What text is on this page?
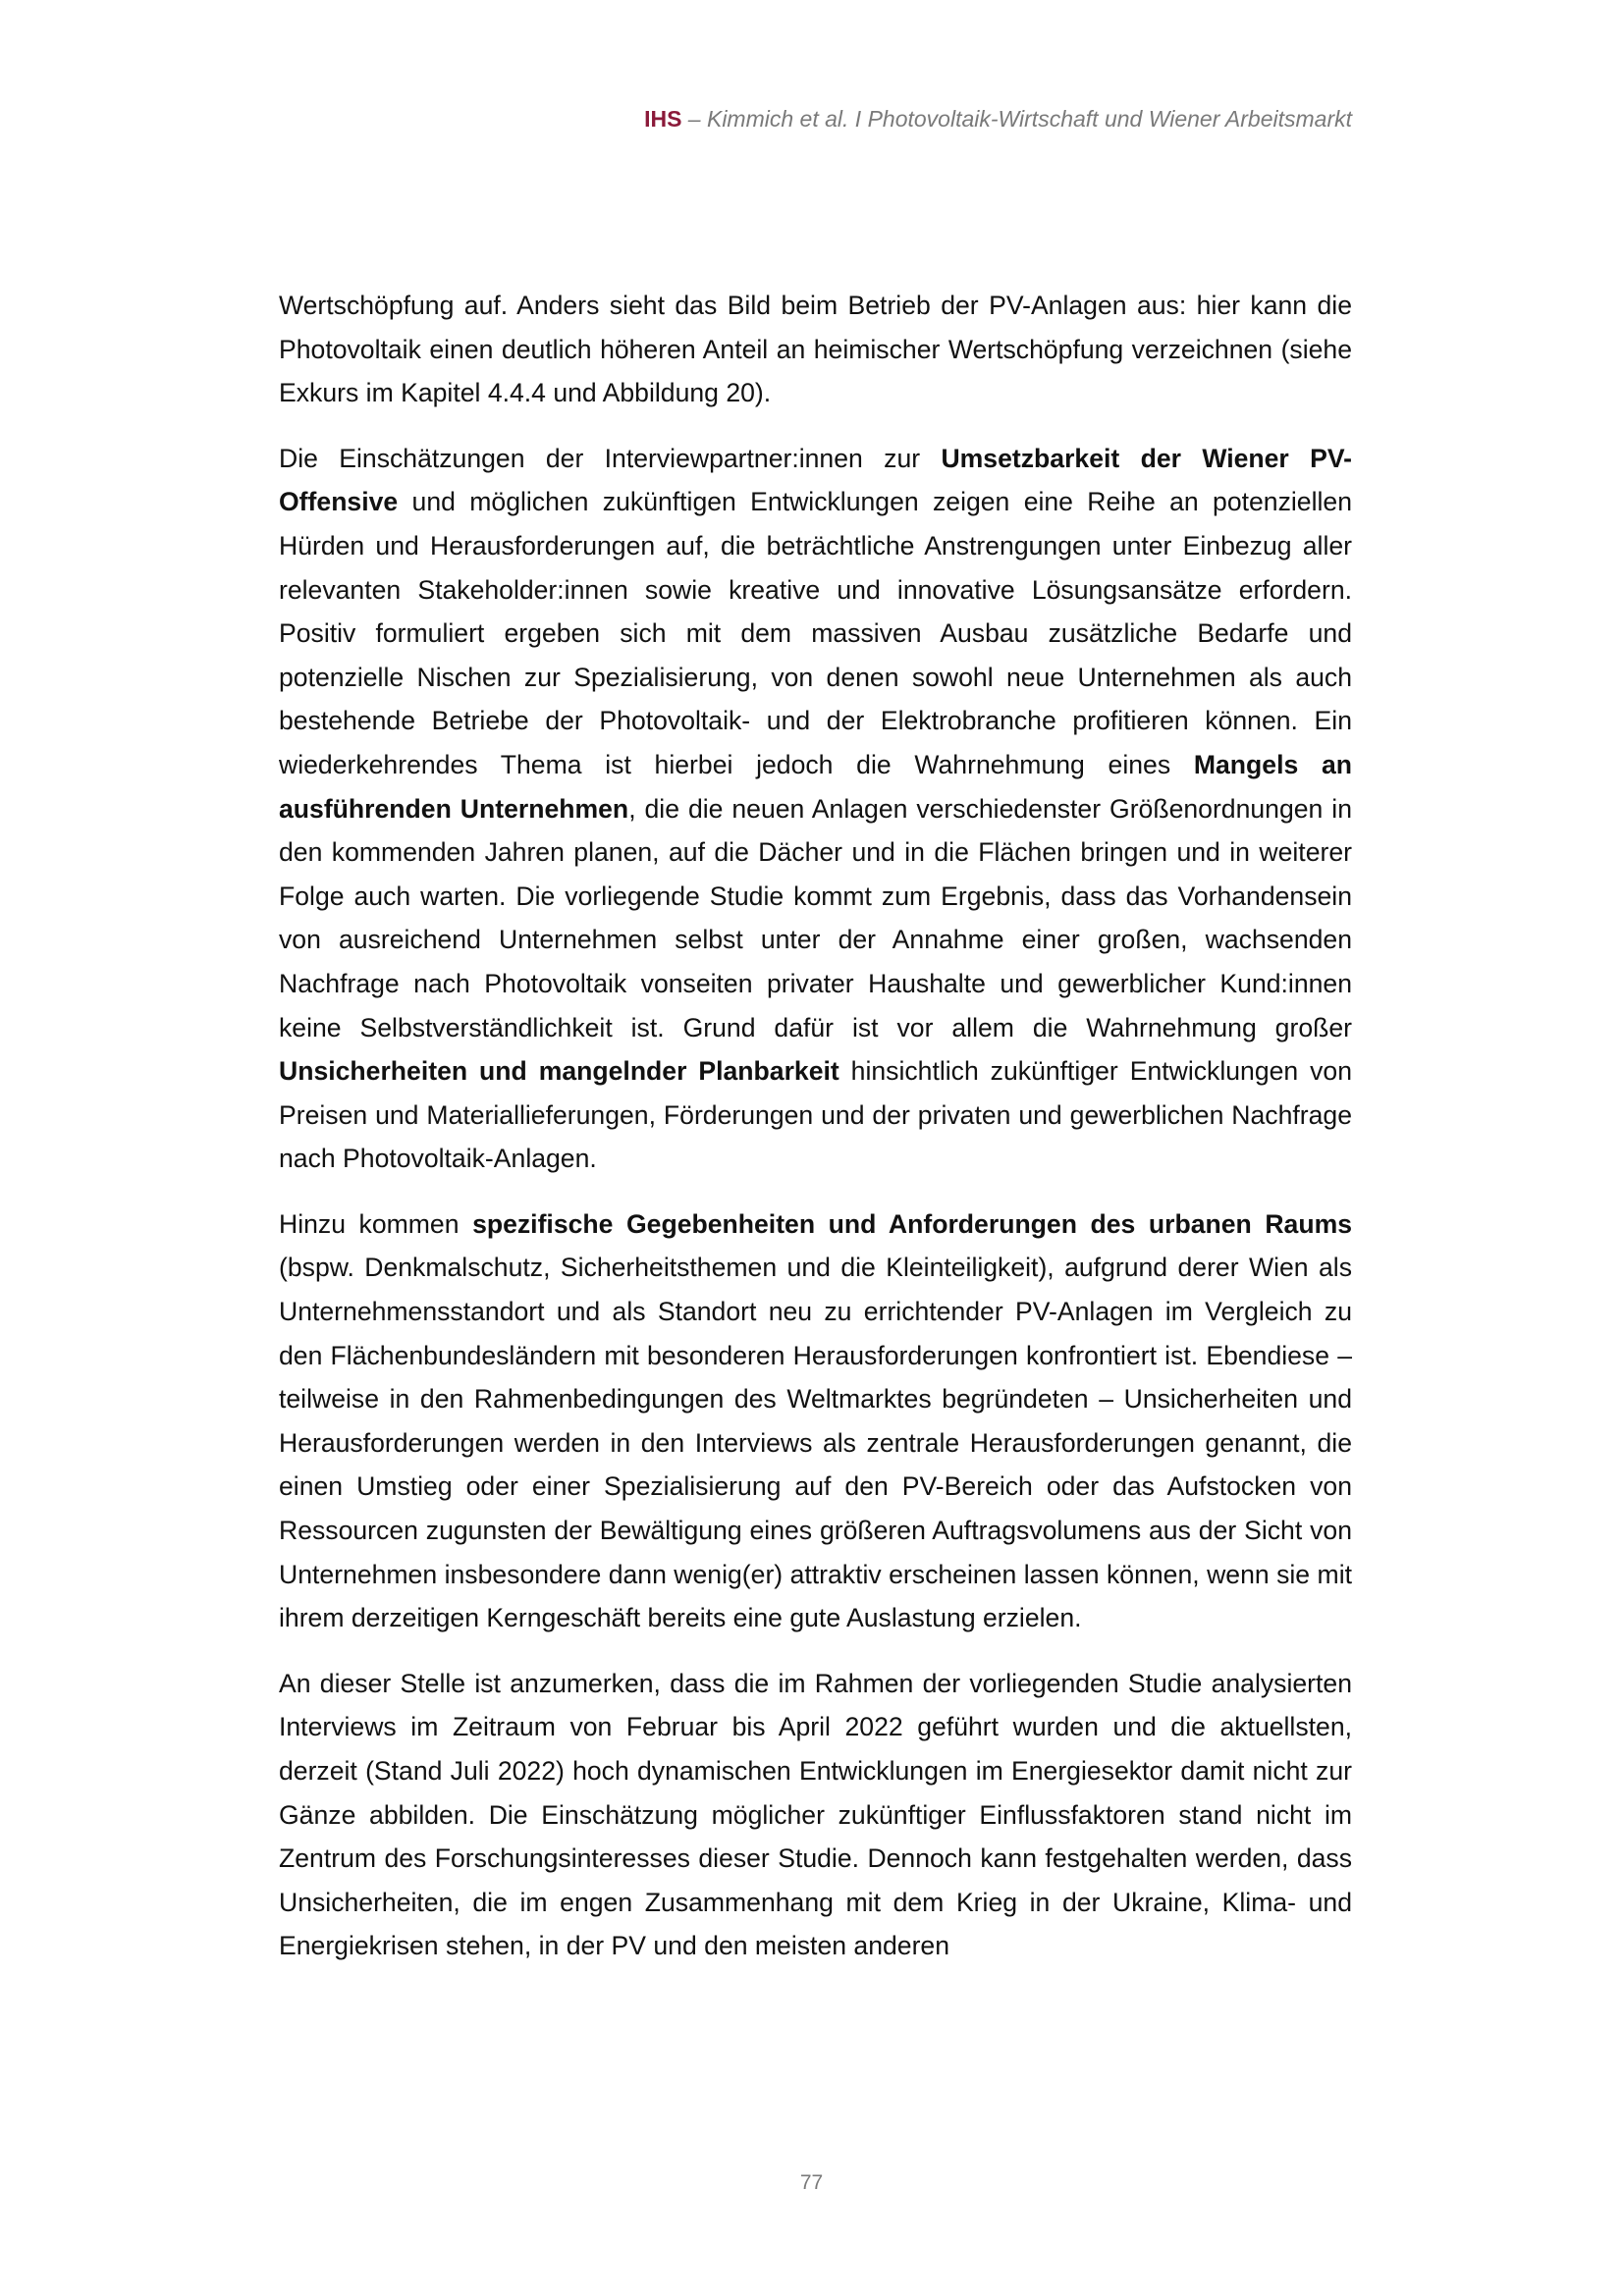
IHS – Kimmich et al. I Photovoltaik-Wirtschaft und Wiener Arbeitsmarkt

Wertschöpfung auf. Anders sieht das Bild beim Betrieb der PV-Anlagen aus: hier kann die Photovoltaik einen deutlich höheren Anteil an heimischer Wertschöpfung verzeichnen (siehe Exkurs im Kapitel 4.4.4 und Abbildung 20).

Die Einschätzungen der Interviewpartner:innen zur Umsetzbarkeit der Wiener PV-Offensive und möglichen zukünftigen Entwicklungen zeigen eine Reihe an potenziellen Hürden und Herausforderungen auf, die beträchtliche Anstrengungen unter Einbezug aller relevanten Stakeholder:innen sowie kreative und innovative Lösungsansätze erfordern. Positiv formuliert ergeben sich mit dem massiven Ausbau zusätzliche Bedarfe und potenzielle Nischen zur Spezialisierung, von denen sowohl neue Unternehmen als auch bestehende Betriebe der Photovoltaik- und der Elektrobranche profitieren können. Ein wiederkehrendes Thema ist hierbei jedoch die Wahrnehmung eines Mangels an ausführenden Unternehmen, die die neuen Anlagen verschiedenster Größenordnungen in den kommenden Jahren planen, auf die Dächer und in die Flächen bringen und in weiterer Folge auch warten. Die vorliegende Studie kommt zum Ergebnis, dass das Vorhandensein von ausreichend Unternehmen selbst unter der Annahme einer großen, wachsenden Nachfrage nach Photovoltaik vonseiten privater Haushalte und gewerblicher Kund:innen keine Selbstverständlichkeit ist. Grund dafür ist vor allem die Wahrnehmung großer Unsicherheiten und mangelnder Planbarkeit hinsichtlich zukünftiger Entwicklungen von Preisen und Materiallieferungen, Förderungen und der privaten und gewerblichen Nachfrage nach Photovoltaik-Anlagen.

Hinzu kommen spezifische Gegebenheiten und Anforderungen des urbanen Raums (bspw. Denkmalschutz, Sicherheitsthemen und die Kleinteiligkeit), aufgrund derer Wien als Unternehmensstandort und als Standort neu zu errichtender PV-Anlagen im Vergleich zu den Flächenbundesländern mit besonderen Herausforderungen konfrontiert ist. Ebendiese – teilweise in den Rahmenbedingungen des Weltmarktes begründeten – Unsicherheiten und Herausforderungen werden in den Interviews als zentrale Herausforderungen genannt, die einen Umstieg oder einer Spezialisierung auf den PV-Bereich oder das Aufstocken von Ressourcen zugunsten der Bewältigung eines größeren Auftragsvolumens aus der Sicht von Unternehmen insbesondere dann wenig(er) attraktiv erscheinen lassen können, wenn sie mit ihrem derzeitigen Kerngeschäft bereits eine gute Auslastung erzielen.

An dieser Stelle ist anzumerken, dass die im Rahmen der vorliegenden Studie analysierten Interviews im Zeitraum von Februar bis April 2022 geführt wurden und die aktuellsten, derzeit (Stand Juli 2022) hoch dynamischen Entwicklungen im Energiesektor damit nicht zur Gänze abbilden. Die Einschätzung möglicher zukünftiger Einflussfaktoren stand nicht im Zentrum des Forschungsinteresses dieser Studie. Dennoch kann festgehalten werden, dass Unsicherheiten, die im engen Zusammenhang mit dem Krieg in der Ukraine, Klima- und Energiekrisen stehen, in der PV und den meisten anderen

77
